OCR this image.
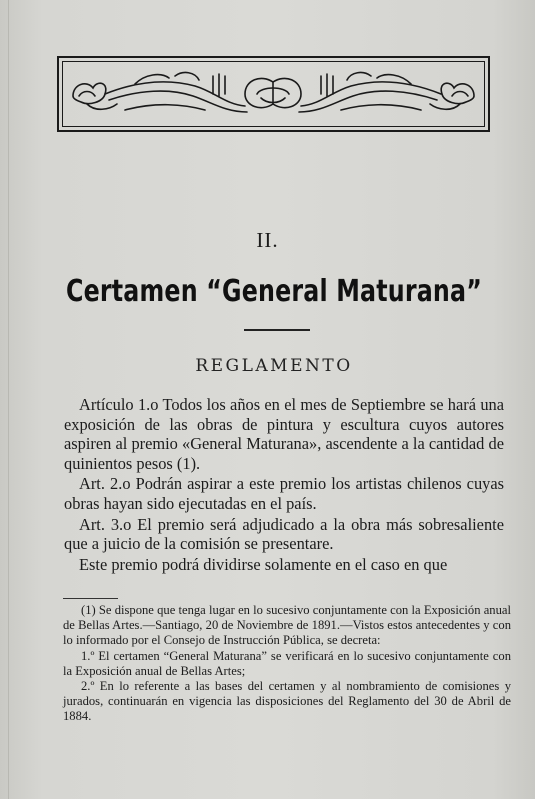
II.
Certamen “General Maturana”
REGLAMENTO

Artículo 1.o Todos los años en el mes de Septiembre se hará una exposición de las obras de pintura y escultura cuyos autores aspiren al premio «General Maturana», ascendente a la cantidad de quinientos pesos (1).

Art. 2.o Podrán aspirar a este premio los artistas chilenos cuyas obras hayan sido ejecutadas en el país.

Art. 3.o El premio será adjudicado a la obra más sobresaliente que a juicio de la comisión se presentare.

Este premio podrá dividirse solamente en el caso en que

(1) Se dispone que tenga lugar en lo sucesivo conjuntamente con la Exposición anual de Bellas Artes.—Santiago, 20 de Noviembre de 1891.—Vistos estos antecedentes y con lo informado por el Consejo de Instrucción Pública, se decreta:

1.º El certamen “General Maturana” se verificará en lo sucesivo conjuntamente con la Exposición anual de Bellas Artes;

2.º En lo referente a las bases del certamen y al nombramiento de comisiones y jurados, continuarán en vigencia las disposiciones del Reglamento del 30 de Abril de 1884.
